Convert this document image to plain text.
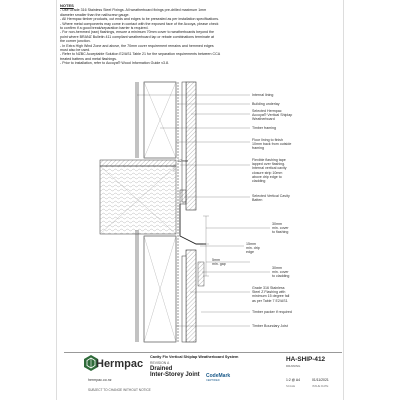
NOTES
- Use Grade 316 Stainless Steel Fixings. All weatherboard fixings pre-drilled maximum 1mm
diameter smaller than the nail/screw gauge.
- All Hermpac timber products, cut ends and edges to be presealed as per installation specifications.
- Where metal components may come in contact with the exposed face of the Accoya, please check
to confirm if a good break/separation barrier is required.
- For non-hemmed (raw) flashings, ensure a minimum 70mm cover to weatherboards beyond the
point where BRANZ Bulletin 411 compliant weatherboard lap or rebate combinations terminate at
the corner junction.
- In Extra High Wind Zone and above, the 70mm cover requirement remains and hemmed edges
must also be used.
- Refer to NZBC Acceptable Solution E2/AS1 Table 21 for the separation requirements between CCA
treated battens and metal flashings.
- Prior to installation, refer to Accoya® Wood Information Guide v3.8.
Internal lining
Building underlay
Selected Hermpac
Accoya® Vertical Shiplap
Weatherboard
Timber framing
Floor lining to finish
10mm back from outside
framing
Flexible flashing tape
lapped over flashing.
Internal vertical cavity
closure strip 10mm
above drip edge to
cladding
Selected Vertical Cavity
Batten
30mm
min. cover
to flashing
15mm
min. drip
edge
5mm
min. gap
30mm
min. cover
to cladding
Grade 316 Stainless
Steel Z Flashing with
minimum 15 degree fall
as per Table 7 E2/AS1
Timber packer if required
Timber Boundary Joist
12mm
Hermpac
hermpac.co.nz
SUBJECT TO CHANGE WITHOUT NOTICE
Cavity Fix Vertical Shiplap Weatherboard System
REVISION A
Drained
Inter-Storey Joint CodeMark
CERTIFIED
HA-SHIP-412
DRAWING
1:2 @ A4
SCALE
01/11/2021
ISSUE DATE
